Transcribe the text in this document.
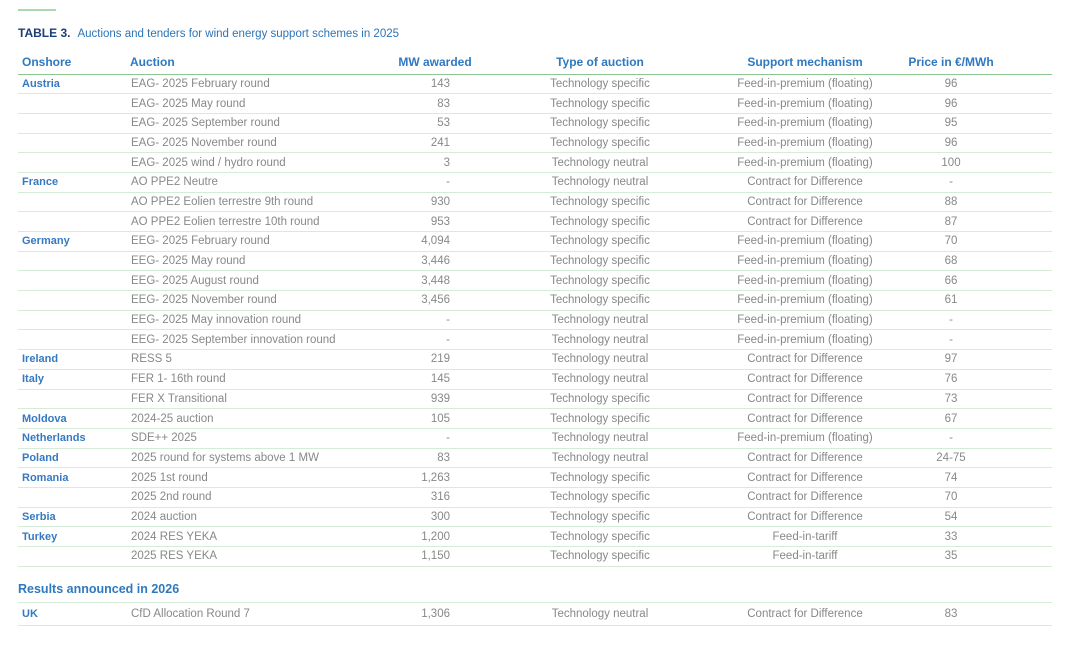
TABLE 3. Auctions and tenders for wind energy support schemes in 2025
Onshore	Auction	MW awarded	Type of auction	Support mechanism	Price in €/MWh
Austria	EAG- 2025 February round	143	Technology specific	Feed-in-premium (floating)	96
	EAG- 2025 May round	83	Technology specific	Feed-in-premium (floating)	96
	EAG- 2025 September round	53	Technology specific	Feed-in-premium (floating)	95
	EAG- 2025 November round	241	Technology specific	Feed-in-premium (floating)	96
	EAG- 2025 wind / hydro round	3	Technology neutral	Feed-in-premium (floating)	100
France	AO PPE2 Neutre	-	Technology neutral	Contract for Difference	-
	AO PPE2 Eolien terrestre 9th round	930	Technology specific	Contract for Difference	88
	AO PPE2 Eolien terrestre 10th round	953	Technology specific	Contract for Difference	87
Germany	EEG- 2025 February round	4,094	Technology specific	Feed-in-premium (floating)	70
	EEG- 2025 May round	3,446	Technology specific	Feed-in-premium (floating)	68
	EEG- 2025 August round	3,448	Technology specific	Feed-in-premium (floating)	66
	EEG- 2025 November round	3,456	Technology specific	Feed-in-premium (floating)	61
	EEG- 2025 May innovation round	-	Technology neutral	Feed-in-premium (floating)	-
	EEG- 2025 September innovation round	-	Technology neutral	Feed-in-premium (floating)	-
Ireland	RESS 5	219	Technology neutral	Contract for Difference	97
Italy	FER 1- 16th round	145	Technology neutral	Contract for Difference	76
	FER X Transitional	939	Technology specific	Contract for Difference	73
Moldova	2024-25 auction	105	Technology specific	Contract for Difference	67
Netherlands	SDE++ 2025	-	Technology neutral	Feed-in-premium (floating)	-
Poland	2025 round for systems above 1 MW	83	Technology neutral	Contract for Difference	24-75
Romania	2025 1st round	1,263	Technology specific	Contract for Difference	74
	2025 2nd round	316	Technology specific	Contract for Difference	70
Serbia	2024 auction	300	Technology specific	Contract for Difference	54
Turkey	2024 RES YEKA	1,200	Technology specific	Feed-in-tariff	33
	2025 RES YEKA	1,150	Technology specific	Feed-in-tariff	35
Results announced in 2026
UK	CfD Allocation Round 7	1,306	Technology neutral	Contract for Difference	83
